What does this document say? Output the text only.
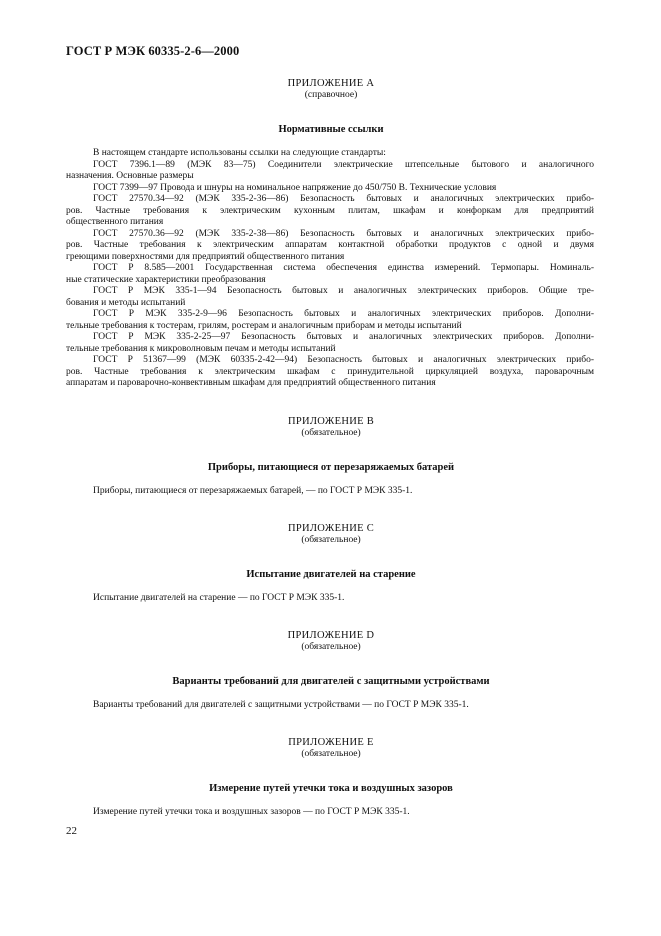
ГОСТ Р МЭК 60335-2-6—2000
ПРИЛОЖЕНИЕ А
(справочное)
Нормативные ссылки
В настоящем стандарте использованы ссылки на следующие стандарты:
ГОСТ 7396.1—89 (МЭК 83—75) Соединители электрические штепсельные бытового и аналогичного
назначения. Основные размеры
ГОСТ 7399—97 Провода и шнуры на номинальное напряжение до 450/750 В. Технические условия
ГОСТ 27570.34—92 (МЭК 335-2-36—86) Безопасность бытовых и аналогичных электрических прибо-
ров. Частные требования к электрическим кухонным плитам, шкафам и конфоркам для предприятий
общественного питания
ГОСТ 27570.36—92 (МЭК 335-2-38—86) Безопасность бытовых и аналогичных электрических прибо-
ров. Частные требования к электрическим аппаратам контактной обработки продуктов с одной и двумя
греющими поверхностями для предприятий общественного питания
ГОСТ Р 8.585—2001 Государственная система обеспечения единства измерений. Термопары. Номиналь-
ные статические характеристики преобразования
ГОСТ Р МЭК 335-1—94 Безопасность бытовых и аналогичных электрических приборов. Общие тре-
бования и методы испытаний
ГОСТ Р МЭК 335-2-9—96 Безопасность бытовых и аналогичных электрических приборов. Дополни-
тельные требования к тостерам, грилям, ростерам и аналогичным приборам и методы испытаний
ГОСТ Р МЭК 335-2-25—97 Безопасность бытовых и аналогичных электрических приборов. Дополни-
тельные требования к микроволновым печам и методы испытаний
ГОСТ Р 51367—99 (МЭК 60335-2-42—94) Безопасность бытовых и аналогичных электрических прибо-
ров. Частные требования к электрическим шкафам с принудительной циркуляцией воздуха, пароварочным
аппаратам и пароварочно-конвективным шкафам для предприятий общественного питания
ПРИЛОЖЕНИЕ В
(обязательное)
Приборы, питающиеся от перезаряжаемых батарей
Приборы, питающиеся от перезаряжаемых батарей, — по ГОСТ Р МЭК 335-1.
ПРИЛОЖЕНИЕ С
(обязательное)
Испытание двигателей на старение
Испытание двигателей на старение — по ГОСТ Р МЭК 335-1.
ПРИЛОЖЕНИЕ D
(обязательное)
Варианты требований для двигателей с защитными устройствами
Варианты требований для двигателей с защитными устройствами — по ГОСТ Р МЭК 335-1.
ПРИЛОЖЕНИЕ Е
(обязательное)
Измерение путей утечки тока и воздушных зазоров
Измерение путей утечки тока и воздушных зазоров — по ГОСТ Р МЭК 335-1.
22
